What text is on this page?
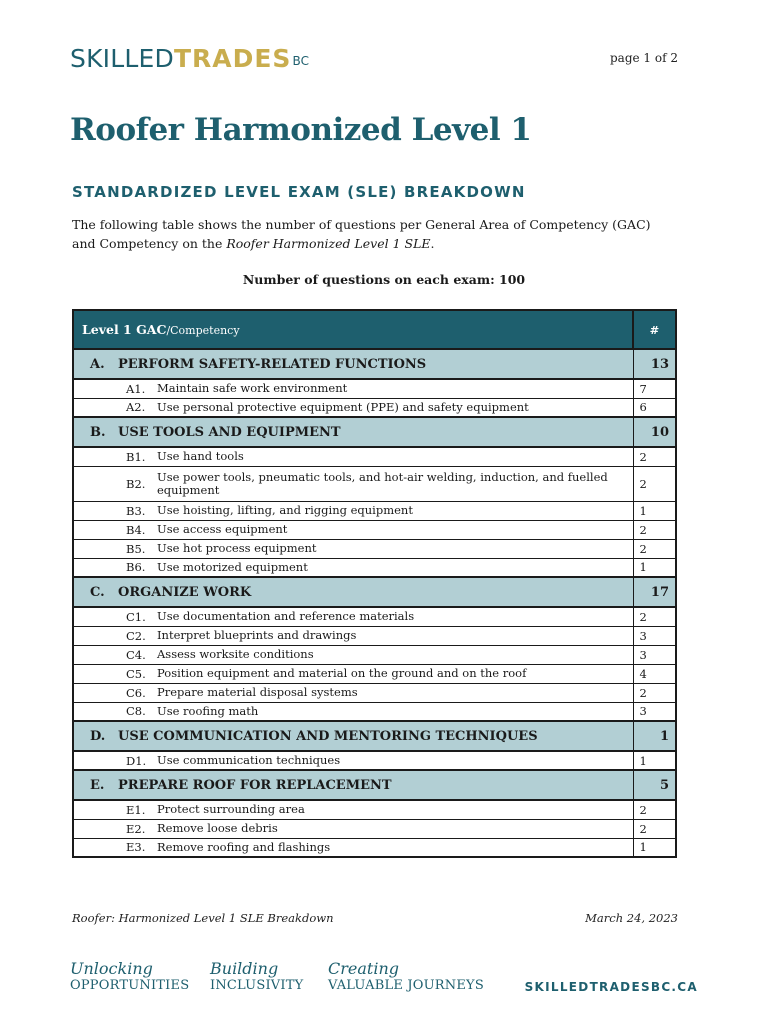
$SKILLEDTRADES^{BC}$	page 1 of 2
Roofer Harmonized Level 1
STANDARDIZED LEVEL EXAM (SLE) BREAKDOWN

The following table shows the number of questions per General Area of Competency (GAC) and Competency on the Roofer Harmonized Level 1 SLE.

Number of questions on each exam: 100

Level 1 GAC/Competency	#
A. PERFORM SAFETY-RELATED FUNCTIONS	13

A1. Maintain safe work environment	7

A2. Use personal protective equipment (PPE) and safety equipment	6
B. USE TOOLS AND EQUIPMENT	10

B1. Use hand tools	2

B2. Use power tools, pneumatic tools, and hot-air welding, induction, and fuelled equipment	2

B3. Use hoisting, lifting, and rigging equipment	1

B4. Use access equipment	2

B5. Use hot process equipment	2

B6. Use motorized equipment	1
C. ORGANIZE WORK	17

C1. Use documentation and reference materials	2

C2. Interpret blueprints and drawings	3

C4. Assess worksite conditions	3

C5. Position equipment and material on the ground and on the roof	4

C6. Prepare material disposal systems	2

C8. Use roofing math	3
D. USE COMMUNICATION AND MENTORING TECHNIQUES	1

D1. Use communication techniques	1
E. PREPARE ROOF FOR REPLACEMENT	5

E1. Protect surrounding area	2

E2. Remove loose debris	2

E3. Remove roofing and flashings	1
Roofer: Harmonized Level 1 SLE Breakdown	March 24, 2023
Unlocking
OPPORTUNITIES
Building
INCLUSIVITY
Creating
VALUABLE JOURNEYS	SKILLEDTRADESBC.CA
